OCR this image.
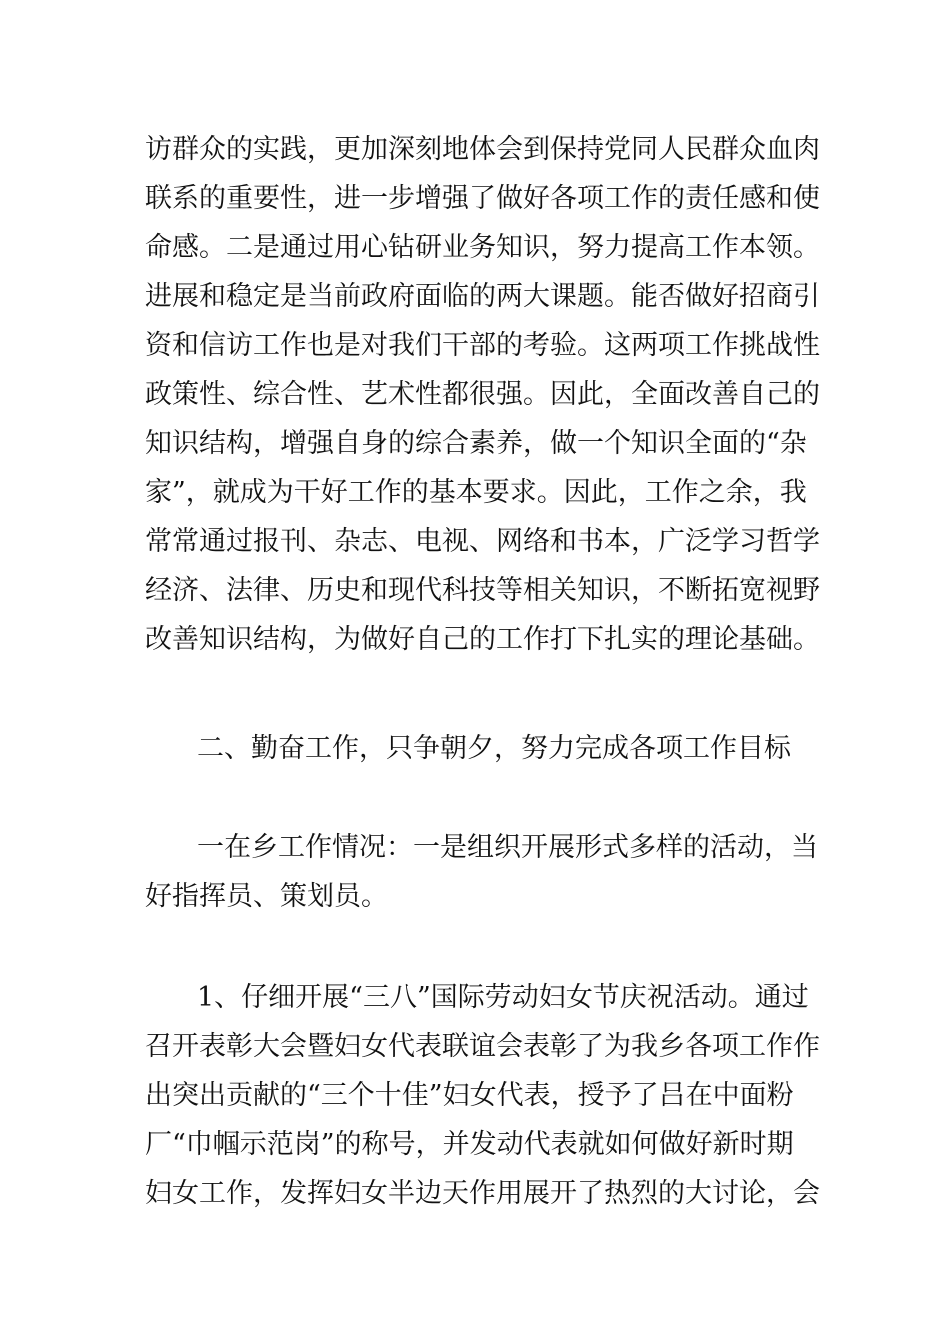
访群众的实践，更加深刻地体会到保持党同人民群众血肉
联系的重要性，进一步增强了做好各项工作的责任感和使
命感。二是通过用心钻研业务知识，努力提高工作本领。
进展和稳定是当前政府面临的两大课题。能否做好招商引
资和信访工作也是对我们干部的考验。这两项工作挑战性
政策性、综合性、艺术性都很强。因此，全面改善自己的
知识结构，增强自身的综合素养，做一个知识全面的“杂
家”，就成为干好工作的基本要求。因此，工作之余，我
常常通过报刊、杂志、电视、网络和书本，广泛学习哲学
经济、法律、历史和现代科技等相关知识，不断拓宽视野
改善知识结构，为做好自己的工作打下扎实的理论基础。
二、勤奋工作，只争朝夕，努力完成各项工作目标
一在乡工作情况：一是组织开展形式多样的活动，当
好指挥员、策划员。
1、仔细开展“三八”国际劳动妇女节庆祝活动。通过
召开表彰大会暨妇女代表联谊会表彰了为我乡各项工作作
出突出贡献的“三个十佳”妇女代表，授予了吕在中面粉
厂“巾帼示范岗”的称号，并发动代表就如何做好新时期
妇女工作，发挥妇女半边天作用展开了热烈的大讨论，会
